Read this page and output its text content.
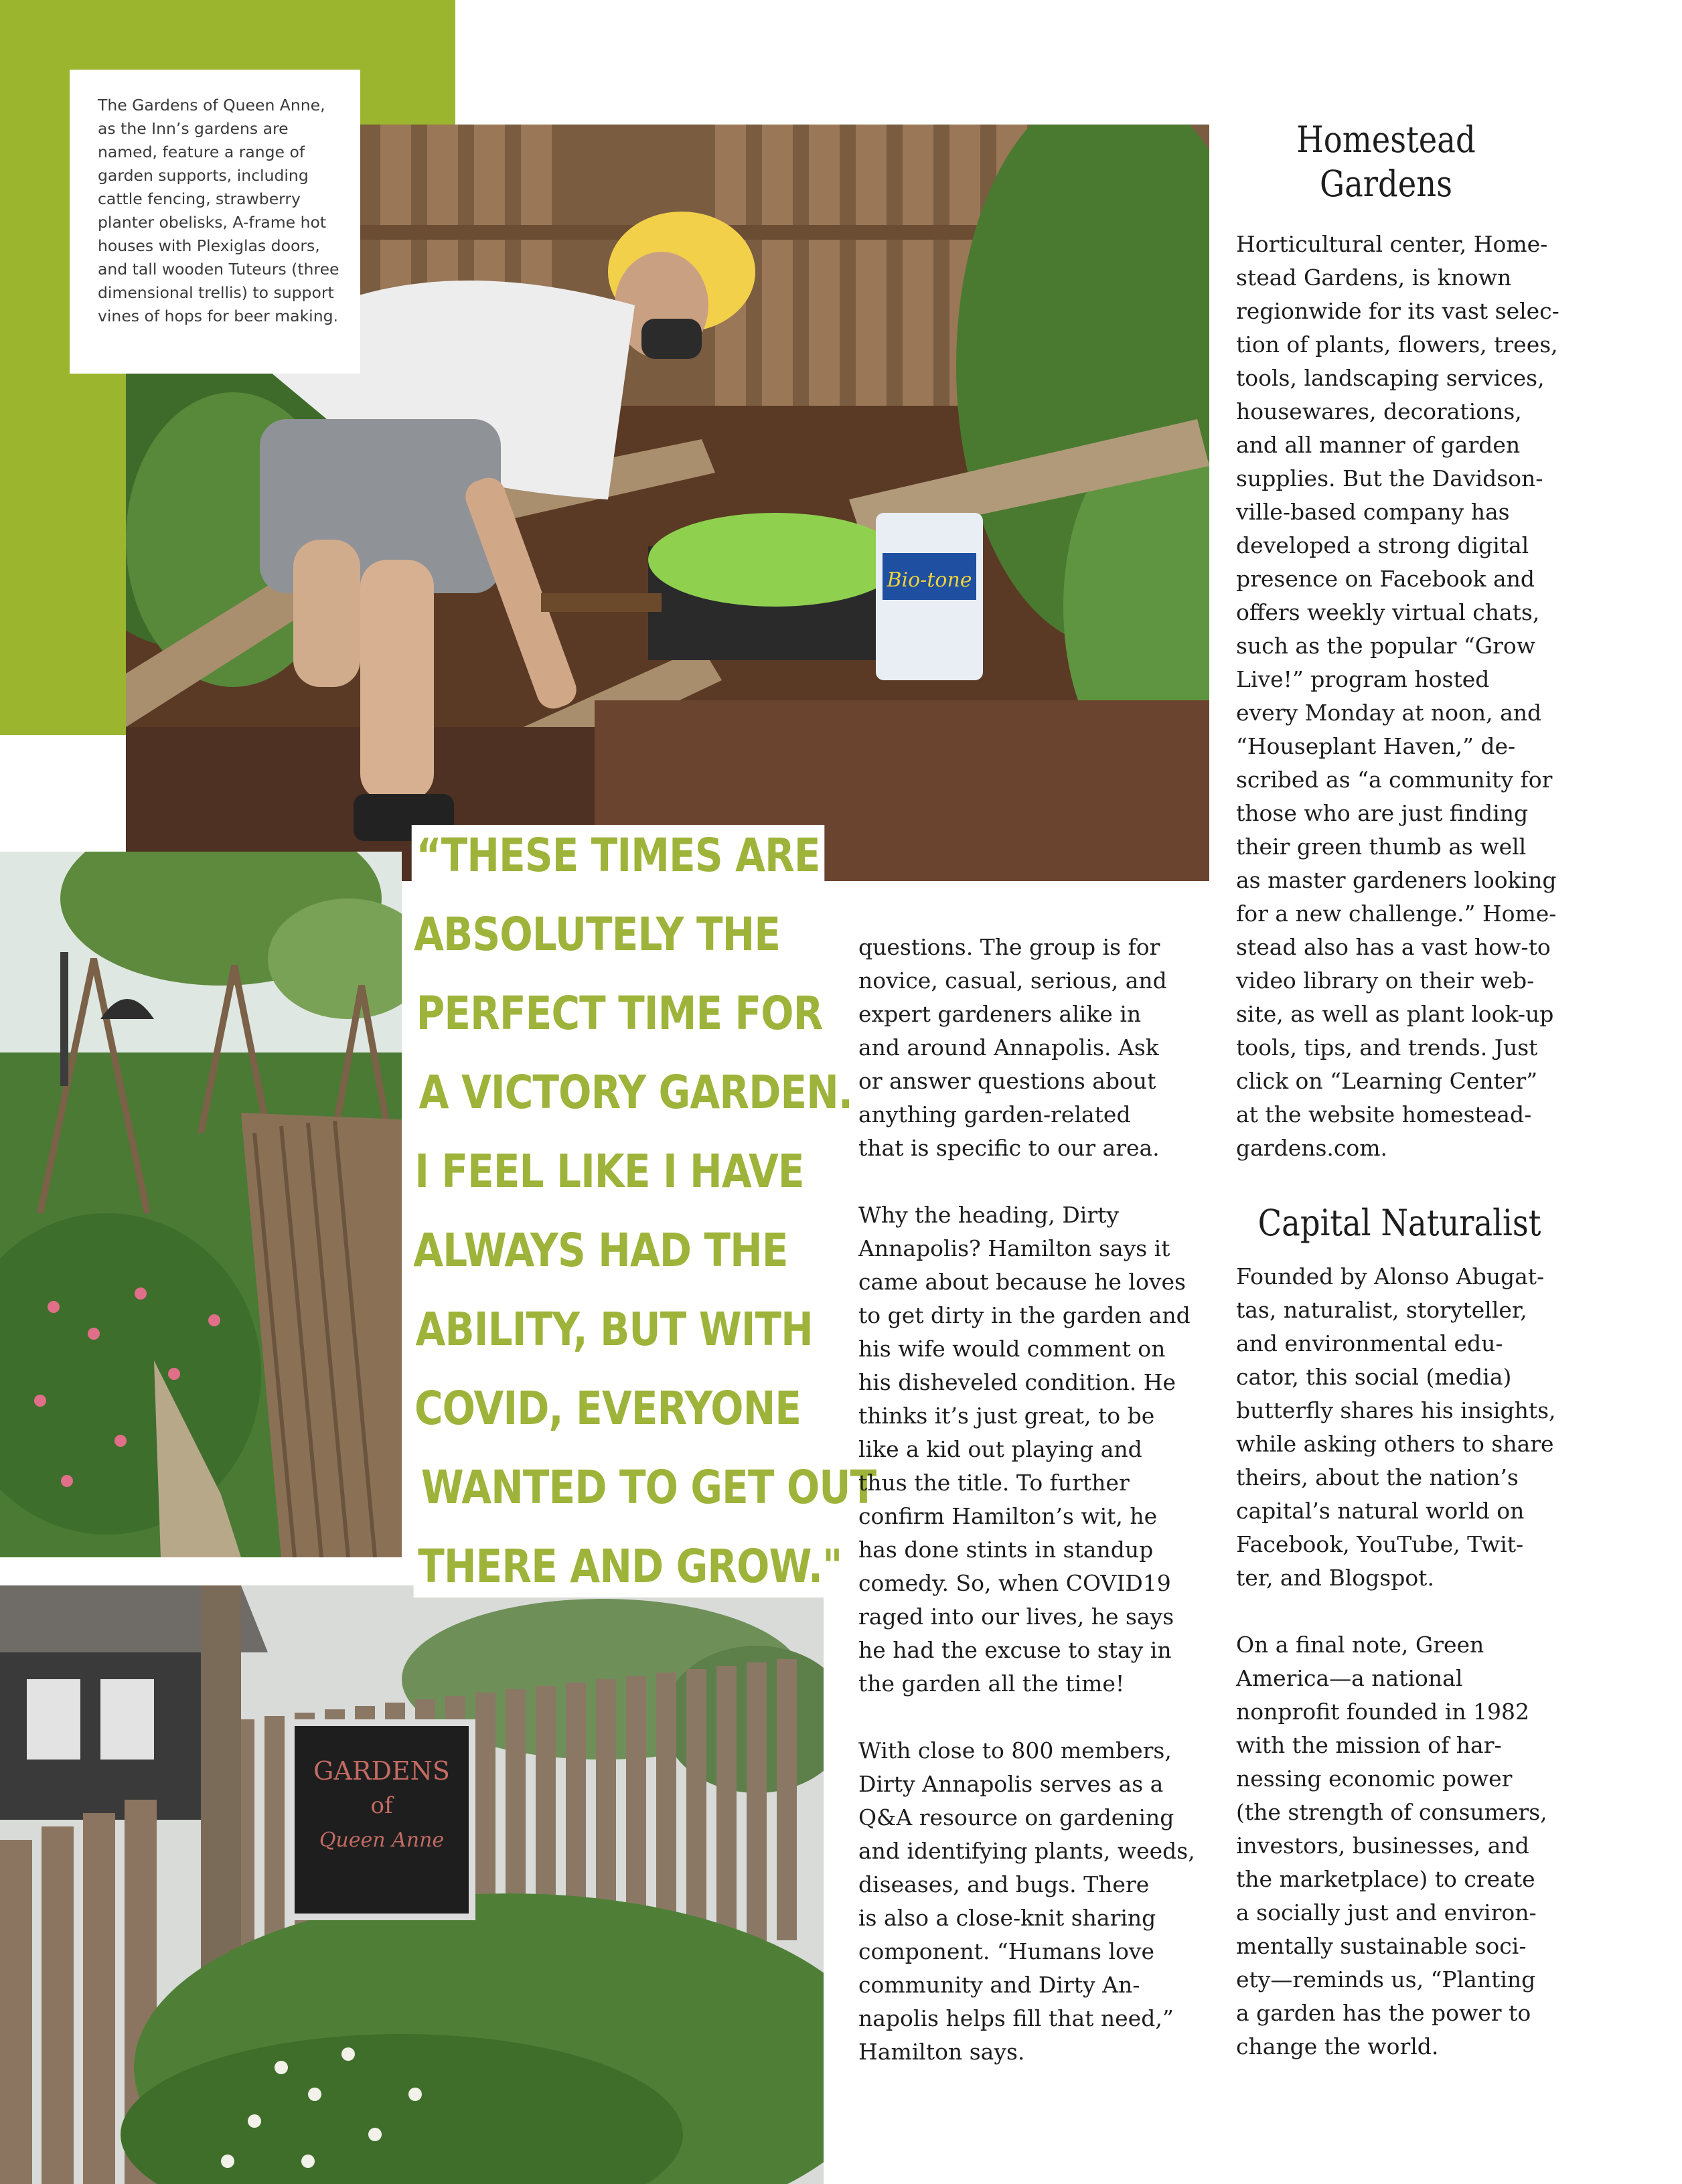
Bio-tone

The Gardens of Queen Anne, as the Inn’s gardens are named, feature a range of garden supports, including cattle fencing, strawberry planter obelisks, A-frame hot houses with Plexiglas doors, and tall wooden Tuteurs (three dimensional trellis) to support vines of hops for beer making.

GARDENS
of
Queen Anne
“THESE TIMES ARE
ABSOLUTELY THE
PERFECT TIME FOR
A VICTORY GARDEN.
I FEEL LIKE I HAVE
ALWAYS HAD THE
ABILITY, BUT WITH
COVID, EVERYONE
WANTED TO GET OUT
THERE AND GROW."

questions. The group is for
novice, casual, serious, and
expert gardeners alike in
and around Annapolis. Ask
or answer questions about
anything garden-related
that is specific to our area.

Why the heading, Dirty
Annapolis? Hamilton says it
came about because he loves
to get dirty in the garden and
his wife would comment on
his disheveled condition. He
thinks it’s just great, to be
like a kid out playing and
thus the title. To further
confirm Hamilton’s wit, he
has done stints in standup
comedy. So, when COVID19
raged into our lives, he says
he had the excuse to stay in
the garden all the time!

With close to 800 members,
Dirty Annapolis serves as a
Q&A resource on gardening
and identifying plants, weeds,
diseases, and bugs. There
is also a close-knit sharing
component. “Humans love
community and Dirty An-
napolis helps fill that need,”
Hamilton says.

Homestead
Gardens

Horticultural center, Home-
stead Gardens, is known
regionwide for its vast selec-
tion of plants, flowers, trees,
tools, landscaping services,
housewares, decorations,
and all manner of garden
supplies. But the Davidson-
ville-based company has
developed a strong digital
presence on Facebook and
offers weekly virtual chats,
such as the popular “Grow
Live!” program hosted
every Monday at noon, and
“Houseplant Haven,” de-
scribed as “a community for
those who are just finding
their green thumb as well
as master gardeners looking
for a new challenge.” Home-
stead also has a vast how-to
video library on their web-
site, as well as plant look-up
tools, tips, and trends. Just
click on “Learning Center”
at the website homestead-
gardens.com.

Capital Naturalist

Founded by Alonso Abugat-
tas, naturalist, storyteller,
and environmental edu-
cator, this social (media)
butterfly shares his insights,
while asking others to share
theirs, about the nation’s
capital’s natural world on
Facebook, YouTube, Twit-
ter, and Blogspot.

On a final note, Green
America—a national
nonprofit founded in 1982
with the mission of har-
nessing economic power
(the strength of consumers,
investors, businesses, and
the marketplace) to create
a socially just and environ-
mentally sustainable soci-
ety—reminds us, “Planting
a garden has the power to
change the world.
